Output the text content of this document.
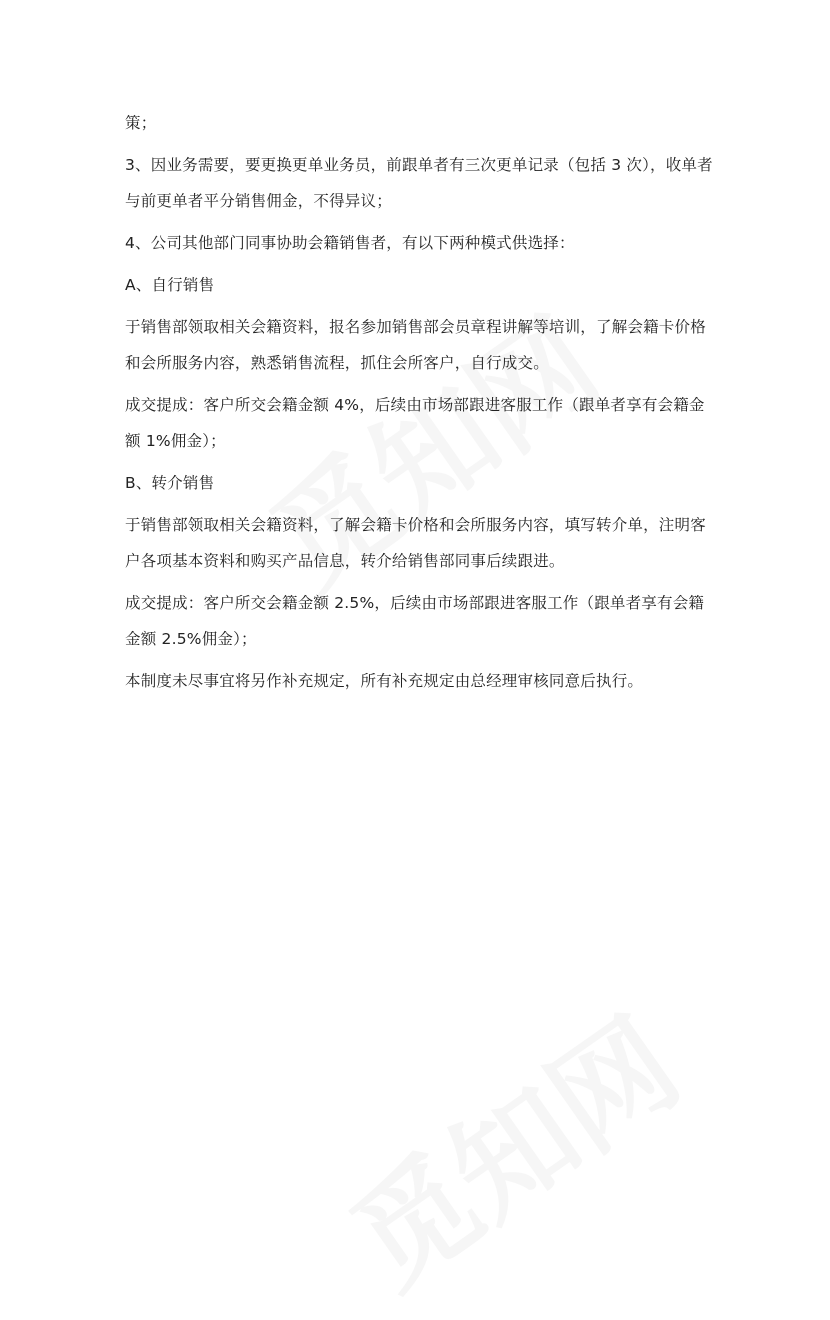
策；

3、因业务需要，要更换更单业务员，前跟单者有三次更单记录（包括 3 次），收单者与前更单者平分销售佣金，不得异议；

4、公司其他部门同事协助会籍销售者，有以下两种模式供选择：

A、自行销售

于销售部领取相关会籍资料，报名参加销售部会员章程讲解等培训，了解会籍卡价格和会所服务内容，熟悉销售流程，抓住会所客户，自行成交。

成交提成：客户所交会籍金额 4%，后续由市场部跟进客服工作（跟单者享有会籍金额 1%佣金）；

B、转介销售

于销售部领取相关会籍资料，了解会籍卡价格和会所服务内容，填写转介单，注明客户各项基本资料和购买产品信息，转介给销售部同事后续跟进。

成交提成：客户所交会籍金额 2.5%，后续由市场部跟进客服工作（跟单者享有会籍金额 2.5%佣金）；

本制度未尽事宜将另作补充规定，所有补充规定由总经理审核同意后执行。
